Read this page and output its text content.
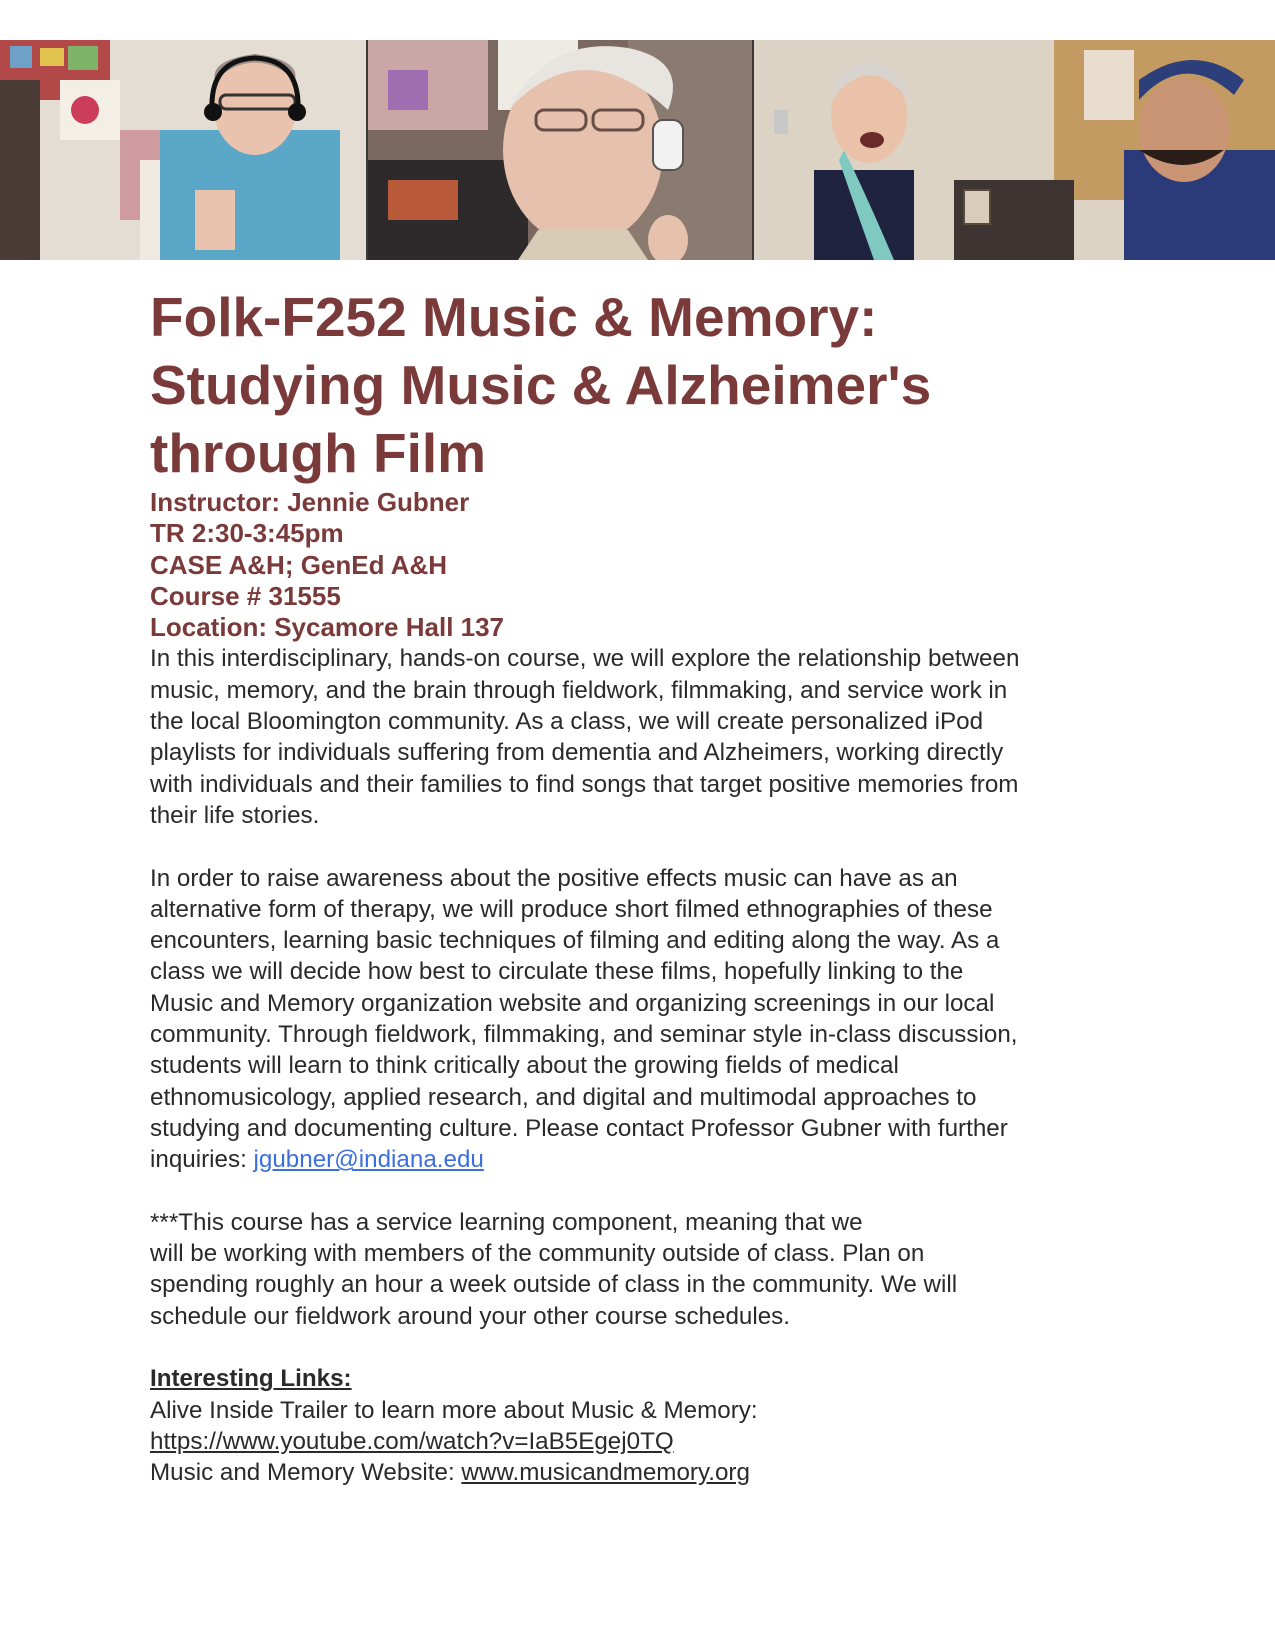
Folk-F252 Music & Memory:
Studying Music & Alzheimer's
through Film
Instructor: Jennie Gubner
TR 2:30-3:45pm
CASE A&H; GenEd A&H
Course # 31555
Location: Sycamore Hall 137
In this interdisciplinary, hands-on course, we will explore the relationship between
music, memory, and the brain through fieldwork, filmmaking, and service work in
the local Bloomington community. As a class, we will create personalized iPod
playlists for individuals suffering from dementia and Alzheimers, working directly
with individuals and their families to find songs that target positive memories from
their life stories.
In order to raise awareness about the positive effects music can have as an
alternative form of therapy, we will produce short filmed ethnographies of these
encounters, learning basic techniques of filming and editing along the way. As a
class we will decide how best to circulate these films, hopefully linking to the
Music and Memory organization website and organizing screenings in our local
community. Through fieldwork, filmmaking, and seminar style in-class discussion,
students will learn to think critically about the growing fields of medical
ethnomusicology, applied research, and digital and multimodal approaches to
studying and documenting culture. Please contact Professor Gubner with further
inquiries: jgubner@indiana.edu
***This course has a service learning component, meaning that we
will be working with members of the community outside of class. Plan on
spending roughly an hour a week outside of class in the community. We will
schedule our fieldwork around your other course schedules.
Interesting Links:
Alive Inside Trailer to learn more about Music & Memory:
https://www.youtube.com/watch?v=IaB5Egej0TQ
Music and Memory Website: www.musicandmemory.org
